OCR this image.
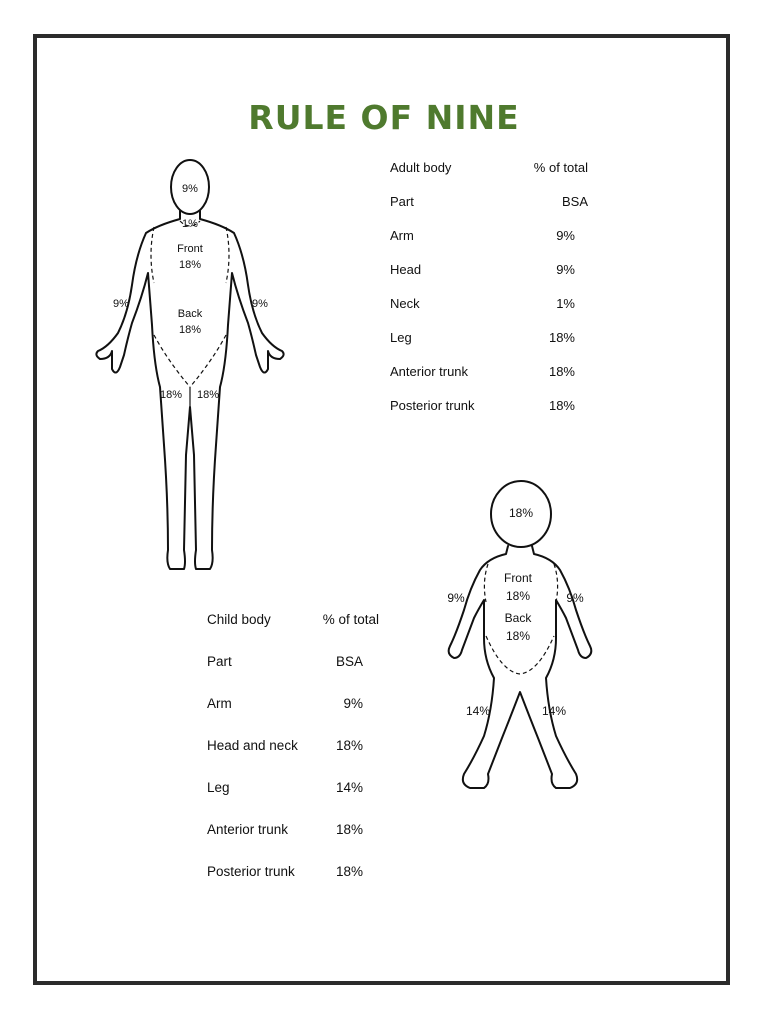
RULE OF NINE
9%
1%
Front
18%
Back
18%
9%	9%
18% 18%
Adult body	% of total
Part	BSA
Arm	9%
Head	9%
Neck	1%
Leg	18%
Anterior trunk	18%
Posterior trunk	18%
18%
Front
18%
Back
18%
9%	9%
14%	14%
Child body	% of total
Part	BSA
Arm	9%
Head and neck	18%
Leg	14%
Anterior trunk	18%
Posterior trunk	18%
